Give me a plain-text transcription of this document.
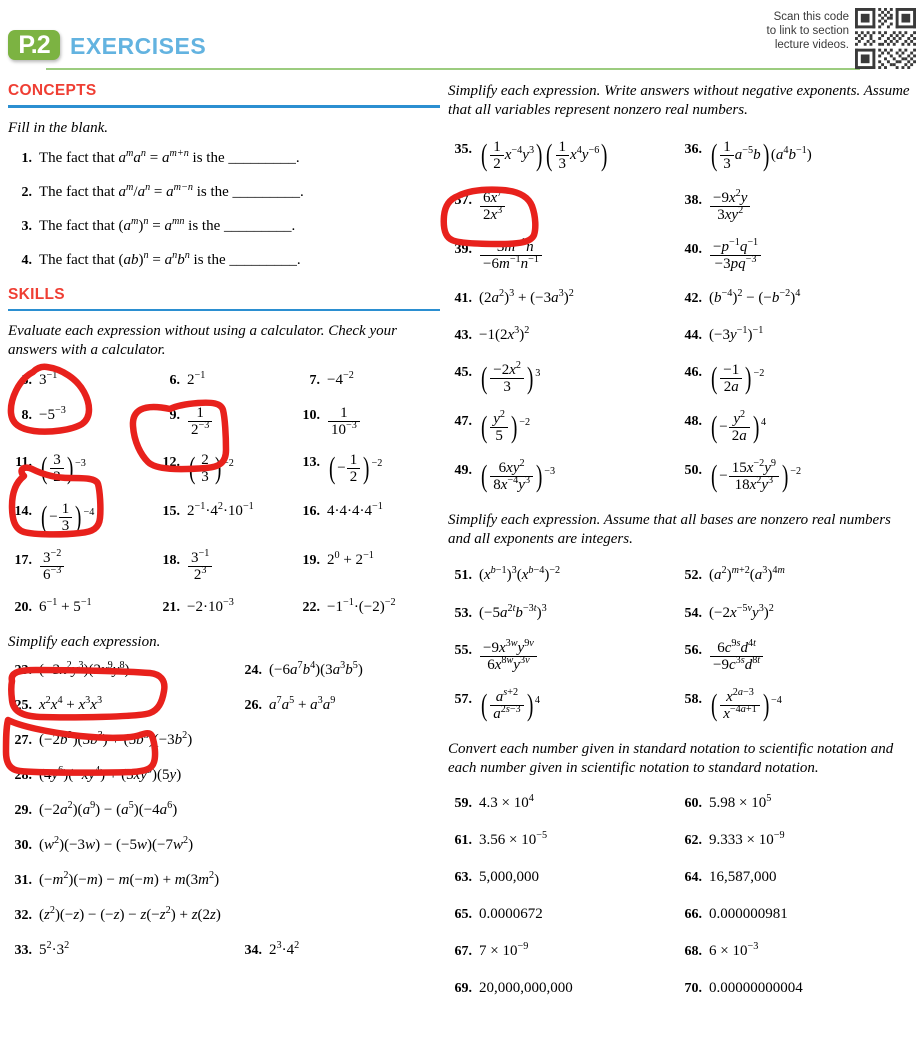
P.2 EXERCISES
Scan this code
to link to section
lecture videos.
CONCEPTS
Fill in the blank.
1. The fact that $a^ma^n = a^{m+n}$ is the _________.
2. The fact that $a^m/a^n = a^{m-n}$ is the _________.
3. The fact that $(a^m)^n = a^{mn}$ is the _________.
4. The fact that $(ab)^n = a^nb^n$ is the _________.
SKILLS
Evaluate each expression without using a calculator. Check your answers with a calculator.
5. $3^{-1}$	6. $2^{-1}$	7. $-4^{-2}$
8. $-5^{-3}$	9. $\frac{1}{2^{-3}}$	10. $\frac{1}{10^{-3}}$
11. ( $\frac{3}{2}$ ) $^{-3}$	12. ( $\frac{2}{3}$ ) $^{-2}$	13. ( − $\frac{1}{2}$ ) $^{-2}$
14. ( − $\frac{1}{3}$ ) $^{-4}$	15. $2^{-1}\cdot 4^2\cdot 10^{-1}$	16. $4\cdot 4\cdot 4\cdot 4^{-1}$
17. $\frac{3^{-2}}{6^{-3}}$	18. $\frac{3^{-1}}{2^3}$	19. $2^0 + 2^{-1}$
20. $6^{-1} + 5^{-1}$	21. $-2\cdot 10^{-3}$	22. $-1^{-1}\cdot(-2)^{-2}$
Simplify each expression.
23. $(-3x^2y^3)(2x^9y^8)$	24. $(-6a^7b^4)(3a^3b^5)$
25. $x^2x^4 + x^3x^3$	26. $a^7a^5 + a^3a^9$
27. $(-2b^2)(3b^3) + (5b^3)(-3b^2)$
28. $(4y^6)(-xy^4) + (3xy^9)(5y)$
29. $(-2a^2)(a^9) - (a^5)(-4a^6)$
30. $(w^2)(-3w) - (-5w)(-7w^2)$
31. $(-m^2)(-m) - m(-m) + m(3m^2)$
32. $(z^2)(-z) - (-z) - z(-z^2) + z(2z)$
33. $5^2\cdot 3^2$	34. $2^3\cdot 4^2$
Simplify each expression. Write answers without negative exponents. Assume that all variables represent nonzero real numbers.
35. ( $\frac{1}{2} x^{-4}y^3$) ( $\frac{1}{3} x^4y^{-6}$)	36. ( $\frac{1}{3} a^{-5}b$) $(a^4b^{-1})$
37. $\frac{6x^7}{2x^3}$	38. $\frac{-9x^2y}{3xy^2}$
39. $\frac{-3m^{-1}n}{-6m^{-1}n^{-1}}$	40. $\frac{-p^{-1}q^{-1}}{-3pq^{-3}}$
41. $(2a^2)^3 + (-3a^3)^2$	42. $(b^{-4})^2 - (-b^{-2})^4$
43. $-1(2x^3)^2$	44. $(-3y^{-1})^{-1}$
45. ( $\frac{-2x^2}{3}$ ) $^3$	46. ( $\frac{-1}{2a}$ ) $^{-2}$
47. ( $\frac{y^2}{5}$ ) $^{-2}$	48. ( − $\frac{y^2}{2a}$ ) $^4$
49. ( $\frac{6xy^2}{8x^{-4}y^3}$ ) $^{-3}$	50. ( − $\frac{15x^{-2}y^9}{18x^2y^3}$ ) $^{-2}$
Simplify each expression. Assume that all bases are nonzero real numbers and all exponents are integers.
51. $(x^{b-1})^3(x^{b-4})^{-2}$	52. $(a^2)^{m+2}(a^3)^{4m}$
53. $(-5a^{2t}b^{-3t})^3$	54. $(-2x^{-5v}y^3)^2$
55. $\frac{-9x^{3w}y^{9v}}{6x^{8w}y^{3v}}$	56. $\frac{6c^{9s}d^{4t}}{-9c^{3s}d^{8t}}$
57. ( $\frac{a^{s+2}}{a^{2s-3}}$ ) $^4$	58. ( $\frac{x^{2a-3}}{x^{-4a+1}}$ ) $^{-4}$
Convert each number given in standard notation to scientific notation and each number given in scientific notation to standard notation.
59. $4.3 \times 10^4$	60. $5.98 \times 10^5$
61. $3.56 \times 10^{-5}$	62. $9.333 \times 10^{-9}$
63. 5,000,000	64. 16,587,000
65. 0.0000672	66. 0.000000981
67. $7 \times 10^{-9}$	68. $6 \times 10^{-3}$
69. 20,000,000,000	70. 0.00000000004
